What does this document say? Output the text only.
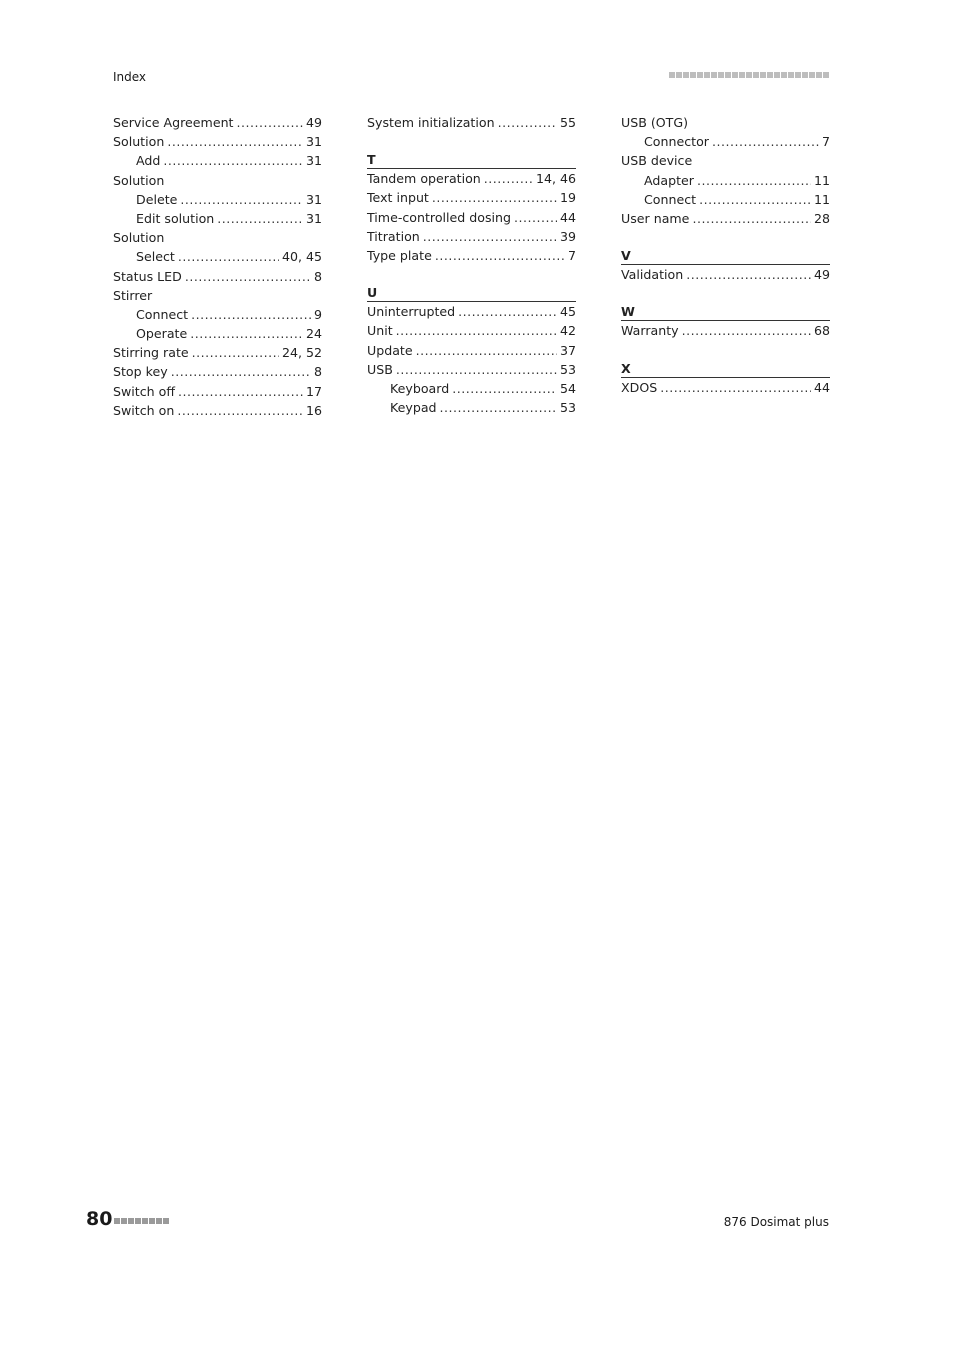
Index
Service Agreement .....	49
Solution .....	31
Add .....	31
Solution
Delete .....	31
Edit solution .....	31
Solution
Select .....	40, 45
Status LED .....	8
Stirrer
Connect .....	9
Operate .....	24
Stirring rate .....	24, 52
Stop key .....	8
Switch off .....	17
Switch on .....	16
System initialization .....	55
T
Tandem operation .....	14, 46
Text input .....	19
Time-controlled dosing .....	44
Titration .....	39
Type plate .....	7
U
Uninterrupted .....	45
Unit .....	42
Update .....	37
USB .....	53
Keyboard .....	54
Keypad .....	53
USB (OTG)
Connector .....	7
USB device
Adapter .....	11
Connect .....	11
User name .....	28
V
Validation .....	49
W
Warranty .....	68
X
XDOS .....	44
80	876 Dosimat plus
